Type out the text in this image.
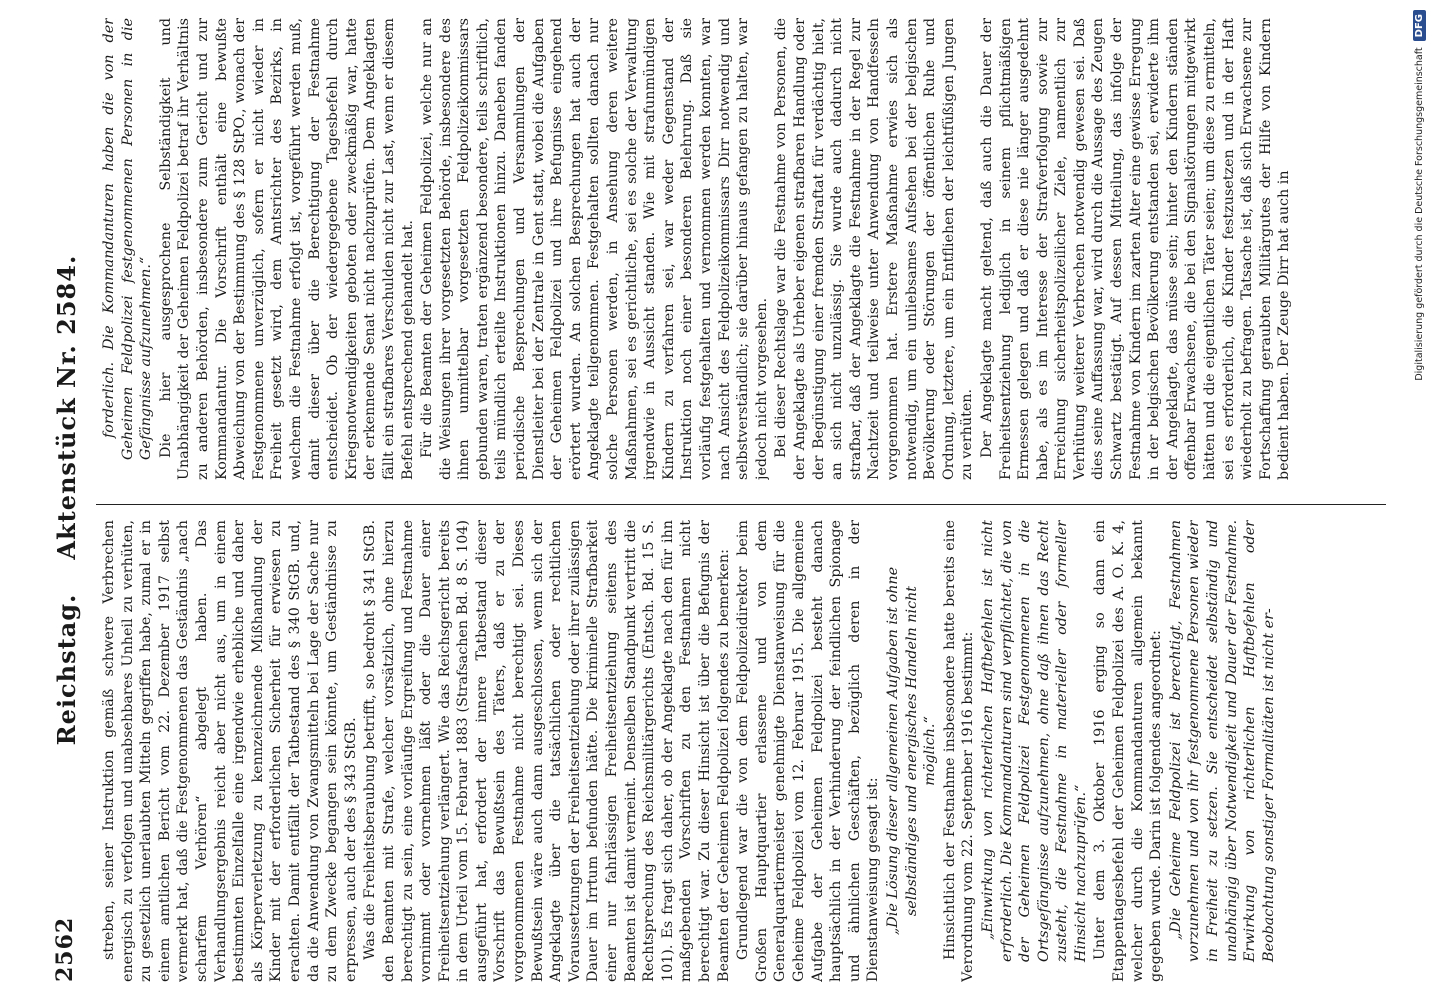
2562
Reichstag.Aktenstück Nr. 2584.

streben, seiner Instruktion gemäß schwere Verbrechen energisch zu verfolgen und unabsehbares Unheil zu verhüten, zu gesetzlich unerlaubten Mitteln gegriffen habe, zumal er in einem amtlichen Bericht vom 22. Dezember 1917 selbst vermerkt hat, daß die Festgenommenen das Geständnis „nach scharfem Verhören“ abgelegt haben. Das Verhandlungsergebnis reicht aber nicht aus, um in einem bestimmten Einzelfalle eine irgendwie erhebliche und daher als Körperverletzung zu kennzeichnende Mißhandlung der Kinder mit der erforderlichen Sicherheit für erwiesen zu erachten. Damit entfällt der Tatbestand des § 340 StGB. und, da die Anwendung von Zwangsmitteln bei Lage der Sache nur zu dem Zwecke begangen sein könnte, um Geständnisse zu erpressen, auch der des § 343 StGB. Was die Freiheitsberaubung betrifft, so bedroht § 341 StGB. den Beamten mit Strafe, welcher vorsätzlich, ohne hierzu berechtigt zu sein, eine vorläufige Ergreifung und Festnahme vornimmt oder vornehmen läßt oder die Dauer einer Freiheitsentziehung verlängert. Wie das Reichsgericht bereits in dem Urteil vom 15. Februar 1883 (Strafsachen Bd. 8 S. 104) ausgeführt hat, erfordert der innere Tatbestand dieser Vorschrift das Bewußtsein des Täters, daß er zu der vorgenommenen Festnahme nicht berechtigt sei. Dieses Bewußtsein wäre auch dann ausgeschlossen, wenn sich der Angeklagte über die tatsächlichen oder rechtlichen Voraussetzungen der Freiheitsentziehung oder ihrer zulässigen Dauer im Irrtum befunden hätte. Die kriminelle Strafbarkeit einer nur fahrlässigen Freiheitsentziehung seitens des Beamten ist damit verneint. Denselben Standpunkt vertritt die Rechtsprechung des Reichsmilitärgerichts (Entsch. Bd. 15 S. 101). Es fragt sich daher, ob der Angeklagte nach den für ihn maßgebenden Vorschriften zu den Festnahmen nicht berechtigt war. Zu dieser Hinsicht ist über die Befugnis der Beamten der Geheimen Feldpolizei folgendes zu bemerken: Grundlegend war die von dem Feldpolizeidirektor beim Großen Hauptquartier erlassene und von dem Generalquartiermeister genehmigte Dienstanweisung für die Geheime Feldpolizei vom 12. Februar 1915. Die allgemeine Aufgabe der Geheimen Feldpolizei besteht danach hauptsächlich in der Verhinderung der feindlichen Spionage und ähnlichen Geschäften, bezüglich deren in der Dienstanweisung gesagt ist: „Die Lösung dieser allgemeinen Aufgaben ist ohne selbständiges und energisches Handeln nicht möglich.“ Hinsichtlich der Festnahme insbesondere hatte bereits eine Verordnung vom 22. September 1916 bestimmt: „Einwirkung von richterlichen Haftbefehlen ist nicht erforderlich. Die Kommandanturen sind verpflichtet, die von der Geheimen Feldpolizei Festgenommenen in die Ortsgefängnisse aufzunehmen, ohne daß ihnen das Recht zusteht, die Festnahme in materieller oder formeller Hinsicht nachzuprüfen.“ Unter dem 3. Oktober 1916 erging so dann ein Etappentagesbefehl der Geheimen Feldpolizei des A. O. K. 4, welcher durch die Kommandanturen allgemein bekannt gegeben wurde. Darin ist folgendes angeordnet: „Die Geheime Feldpolizei ist berechtigt, Festnahmen vorzunehmen und von ihr festgenommene Personen wieder in Freiheit zu setzen. Sie entscheidet selbständig und unabhängig über Notwendigkeit und Dauer der Festnahme. Erwirkung von richterlichen Haftbefehlen oder Beobachtung sonstiger Formalitäten ist nicht er-

forderlich. Die Kommandanturen haben die von der Geheimen Feldpolizei festgenommenen Personen in die Gefängnisse aufzunehmen.“ Die hier ausgesprochene Selbständigkeit und Unabhängigkeit der Geheimen Feldpolizei betraf ihr Verhältnis zu anderen Behörden, insbesondere zum Gericht und zur Kommandantur. Die Vorschrift enthält eine bewußte Abweichung von der Bestimmung des § 128 StPO., wonach der Festgenommene unverzüglich, sofern er nicht wieder in Freiheit gesetzt wird, dem Amtsrichter des Bezirks, in welchem die Festnahme erfolgt ist, vorgeführt werden muß, damit dieser über die Berechtigung der Festnahme entscheidet. Ob der wiedergegebene Tagesbefehl durch Kriegsnotwendigkeiten geboten oder zweckmäßig war, hatte der erkennende Senat nicht nachzuprüfen. Dem Angeklagten fällt ein strafbares Verschulden nicht zur Last, wenn er diesem Befehl entsprechend gehandelt hat. Für die Beamten der Geheimen Feldpolizei, welche nur an die Weisungen ihrer vorgesetzten Behörde, insbesondere des ihnen unmittelbar vorgesetzten Feldpolizeikommissars gebunden waren, traten ergänzend besondere, teils schriftlich, teils mündlich erteilte Instruktionen hinzu. Daneben fanden periodische Besprechungen und Versammlungen der Dienstleiter bei der Zentrale in Gent statt, wobei die Aufgaben der Geheimen Feldpolizei und ihre Befugnisse eingehend erörtert wurden. An solchen Besprechungen hat auch der Angeklagte teilgenommen. Festgehalten sollten danach nur solche Personen werden, in Ansehung deren weitere Maßnahmen, sei es gerichtliche, sei es solche der Verwaltung irgendwie in Aussicht standen. Wie mit strafunmündigen Kindern zu verfahren sei, war weder Gegenstand der Instruktion noch einer besonderen Belehrung. Daß sie vorläufig festgehalten und vernommen werden konnten, war nach Ansicht des Feldpolizeikommissars Dirr notwendig und selbstverständlich; sie darüber hinaus gefangen zu halten, war jedoch nicht vorgesehen. Bei dieser Rechtslage war die Festnahme von Personen, die der Angeklagte als Urheber eigenen strafbaren Handlung oder der Begünstigung einer fremden Straftat für verdächtig hielt, an sich nicht unzulässig. Sie wurde auch dadurch nicht strafbar, daß der Angeklagte die Festnahme in der Regel zur Nachtzeit und teilweise unter Anwendung von Handfesseln vorgenommen hat. Erstere Maßnahme erwies sich als notwendig, um ein unliebsames Aufsehen bei der belgischen Bevölkerung oder Störungen der öffentlichen Ruhe und Ordnung, letztere, um ein Entfliehen der leichtfüßigen Jungen zu verhüten. Der Angeklagte macht geltend, daß auch die Dauer der Freiheitsentziehung lediglich in seinem pflichtmäßigen Ermessen gelegen und daß er diese nie länger ausgedehnt habe, als es im Interesse der Strafverfolgung sowie zur Erreichung sicherheitspolizeilicher Ziele, namentlich zur Verhütung weiterer Verbrechen notwendig gewesen sei. Daß dies seine Auffassung war, wird durch die Aussage des Zeugen Schwartz bestätigt. Auf dessen Mitteilung, das infolge der Festnahme von Kindern im zarten Alter eine gewisse Erregung in der belgischen Bevölkerung entstanden sei, erwiderte ihm der Angeklagte, das müsse sein; hinter den Kindern ständen offenbar Erwachsene, die bei den Signalstörungen mitgewirkt hätten und die eigentlichen Täter seien; um diese zu ermitteln, sei es erforderlich, die Kinder festzusetzen und in der Haft wiederholt zu befragen. Tatsache ist, daß sich Erwachsene zur Fortschaffung geraubten Militärgutes der Hilfe von Kindern bedient haben. Der Zeuge Dirr hat auch in	Digitalisierung gefördert durch die Deutsche Forschungsgemeinschaft
DFG
